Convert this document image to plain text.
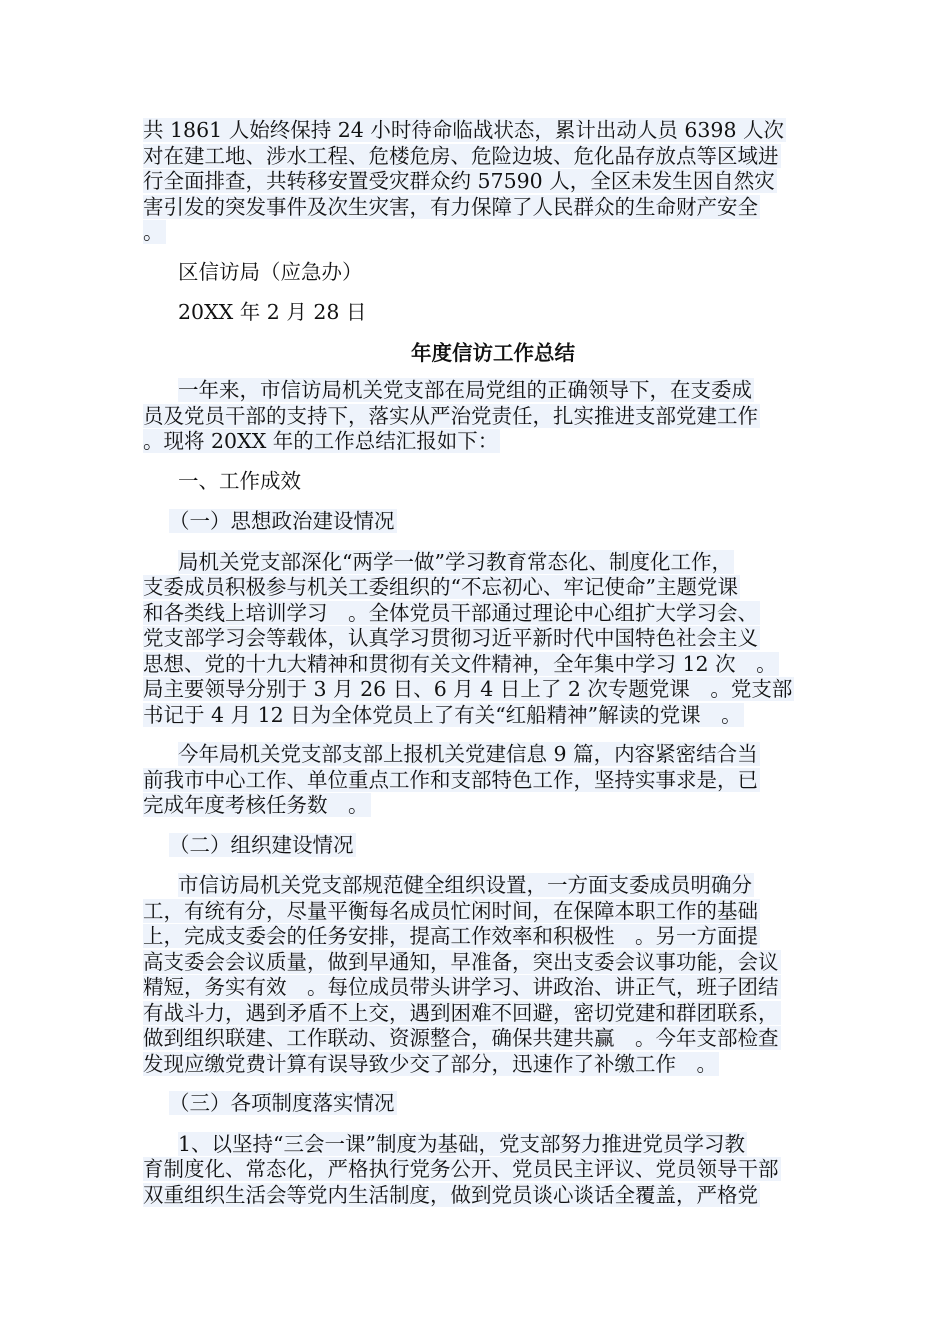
共 1861 人始终保持 24 小时待命临战状态，累计出动人员 6398 人次
对在建工地、涉水工程、危楼危房、危险边坡、危化品存放点等区域进
行全面排查，共转移安置受灾群众约 57590 人，全区未发生因自然灾
害引发的突发事件及次生灾害，有力保障了人民群众的生命财产安全
。
区信访局（应急办）
20XX 年 2 月 28 日
年度信访工作总结
一年来，市信访局机关党支部在局党组的正确领导下，在支委成
员及党员干部的支持下，落实从严治党责任，扎实推进支部党建工作
。现将 20XX 年的工作总结汇报如下：
一、工作成效
（一）思想政治建设情况
局机关党支部深化“两学一做”学习教育常态化、制度化工作，
支委成员积极参与机关工委组织的“不忘初心、牢记使命”主题党课
和各类线上培训学习　。全体党员干部通过理论中心组扩大学习会、
党支部学习会等载体，认真学习贯彻习近平新时代中国特色社会主义
思想、党的十九大精神和贯彻有关文件精神，全年集中学习 12 次　。
局主要领导分别于 3 月 26 日、6 月 4 日上了 2 次专题党课　。党支部
书记于 4 月 12 日为全体党员上了有关“红船精神”解读的党课　。
今年局机关党支部支部上报机关党建信息 9 篇，内容紧密结合当
前我市中心工作、单位重点工作和支部特色工作，坚持实事求是，已
完成年度考核任务数　。
（二）组织建设情况
市信访局机关党支部规范健全组织设置，一方面支委成员明确分
工，有统有分，尽量平衡每名成员忙闲时间，在保障本职工作的基础
上，完成支委会的任务安排，提高工作效率和积极性　。另一方面提
高支委会会议质量，做到早通知，早准备，突出支委会议事功能，会议
精短，务实有效　。每位成员带头讲学习、讲政治、讲正气，班子团结
有战斗力，遇到矛盾不上交，遇到困难不回避，密切党建和群团联系，
做到组织联建、工作联动、资源整合，确保共建共赢　。今年支部检查
发现应缴党费计算有误导致少交了部分，迅速作了补缴工作　。
（三）各项制度落实情况
1、以坚持“三会一课”制度为基础，党支部努力推进党员学习教
育制度化、常态化，严格执行党务公开、党员民主评议、党员领导干部
双重组织生活会等党内生活制度，做到党员谈心谈话全覆盖，严格党
